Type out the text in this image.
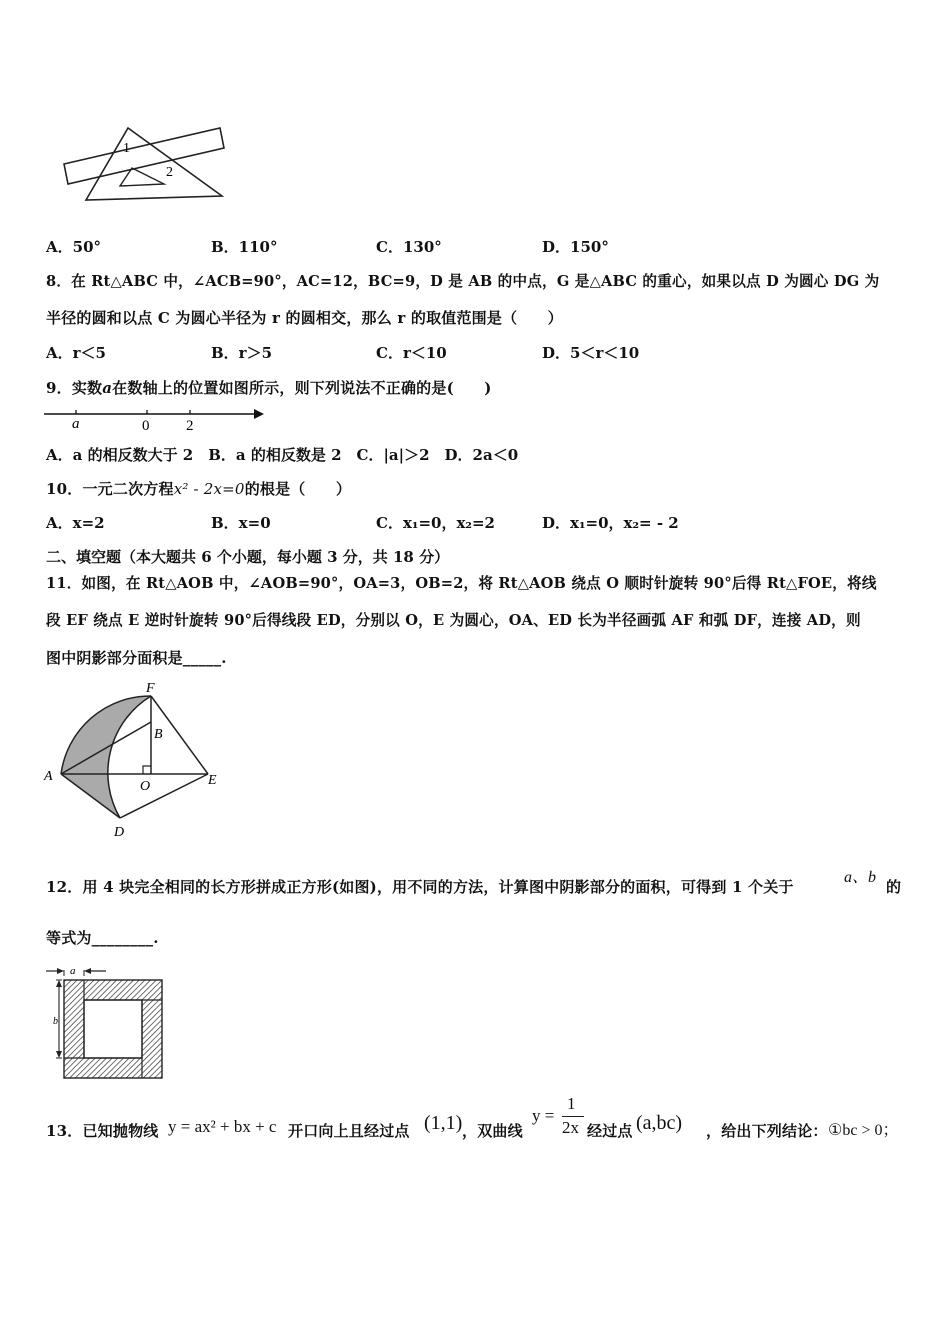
1
2
A．50°	B．110°	C．130°	D．150°
8．在 Rt△ABC 中，∠ACB=90°，AC=12，BC=9，D 是 AB 的中点，G 是△ABC 的重心，如果以点 D 为圆心 DG 为
半径的圆和以点 C 为圆心半径为 r 的圆相交，那么 r 的取值范围是（　　）
A．r＜5	B．r＞5	C．r＜10	D．5＜r＜10
9．实数a在数轴上的位置如图所示，则下列说法不正确的是(　　)
a	0 2
A．a 的相反数大于 2　B．a 的相反数是 2　C．|a|＞2　D．2a＜0
10．一元二次方程x² - 2x=0的根是（　　）
A．x=2	B．x=0	C．x₁=0，x₂=2	D．x₁=0，x₂= - 2
二、填空题（本大题共 6 个小题，每小题 3 分，共 18 分）
11．如图，在 Rt△AOB 中，∠AOB=90°，OA=3，OB=2，将 Rt△AOB 绕点 O 顺时针旋转 90°后得 Rt△FOE，将线
段 EF 绕点 E 逆时针旋转 90°后得线段 ED，分别以 O，E 为圆心，OA、ED 长为半径画弧 AF 和弧 DF，连接 AD，则
图中阴影部分面积是_____.
F
B
A
O	E
D
12．用 4 块完全相同的长方形拼成正方形(如图)，用不同的方法，计算图中阴影部分的面积，可得到 1 个关于
a、b
的
等式为________.
a
b
13．已知抛物线 y = ax² + bx + c 开口向上且经过点 (1,1) ，双曲线
y =
1
2x 经过点 (a,bc) ，给出下列结论： ①bc > 0；
